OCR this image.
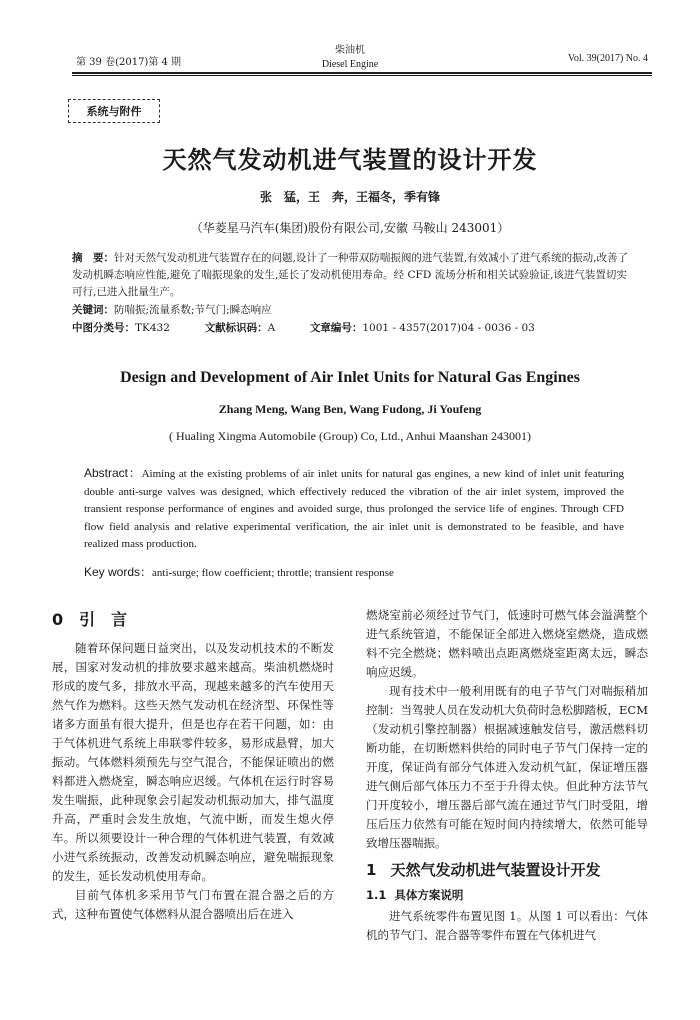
第 39 卷(2017)第 4 期
柴油机
Diesel Engine
Vol. 39(2017) No. 4
系统与附件
天然气发动机进气装置的设计开发
张　猛，王　奔，王福冬，季有锋
（华菱星马汽车(集团)股份有限公司,安徽 马鞍山 243001）
摘　要：针对天然气发动机进气装置存在的问题,设计了一种带双防喘振阀的进气装置,有效减小了进气系统的振动,改善了发动机瞬态响应性能,避免了喘振现象的发生,延长了发动机使用寿命。经 CFD 流场分析和相关试验验证,该进气装置切实可行,已进入批量生产。
关键词：防喘振;流量系数;节气门;瞬态响应
中图分类号：TK432	文献标识码：A	文章编号：1001 - 4357(2017)04 - 0036 - 03
Design and Development of Air Inlet Units for Natural Gas Engines
Zhang Meng, Wang Ben, Wang Fudong, Ji Youfeng
( Hualing Xingma Automobile (Group) Co, Ltd., Anhui Maanshan 243001)
Abstract：Aiming at the existing problems of air inlet units for natural gas engines, a new kind of inlet unit featuring double anti-surge valves was designed, which effectively reduced the vibration of the air inlet system, improved the transient response performance of engines and avoided surge, thus prolonged the service life of engines. Through CFD flow field analysis and relative experimental verification, the air inlet unit is demonstrated to be feasible, and have realized mass production.
Key words：anti-surge; flow coefficient; throttle; transient response
0 引　言

随着环保问题日益突出，以及发动机技术的不断发展，国家对发动机的排放要求越来越高。柴油机燃烧时形成的废气多，排放水平高，现越来越多的汽车使用天然气作为燃料。这些天然气发动机在经济型、环保性等诸多方面虽有很大提升，但是也存在若干问题，如：由于气体机进气系统上串联零件较多，易形成悬臂，加大振动。气体燃料须预先与空气混合，不能保证喷出的燃料都进入燃烧室，瞬态响应迟缓。气体机在运行时容易发生喘振，此种现象会引起发动机振动加大，排气温度升高，严重时会发生放炮，气流中断，而发生熄火停车。所以须要设计一种合理的气体机进气装置，有效减小进气系统振动，改善发动机瞬态响应，避免喘振现象的发生，延长发动机使用寿命。

目前气体机多采用节气门布置在混合器之后的方式，这种布置使气体燃料从混合器喷出后在进入

燃烧室前必须经过节气门，低速时可燃气体会溢满整个进气系统管道，不能保证全部进入燃烧室燃烧，造成燃料不完全燃烧；燃料喷出点距离燃烧室距离太远，瞬态响应迟缓。

现有技术中一般利用既有的电子节气门对喘振稍加控制：当驾驶人员在发动机大负荷时急松脚踏板，ECM（发动机引擎控制器）根据减速触发信号，激活燃料切断功能，在切断燃料供给的同时电子节气门保持一定的开度，保证尚有部分气体进入发动机气缸，保证增压器进气侧后部气体压力不至于升得太快。但此种方法节气门开度较小，增压器后部气流在通过节气门时受阻，增压后压力依然有可能在短时间内持续增大，依然可能导致增压器喘振。

1 天然气发动机进气装置设计开发
1.1 具体方案说明

进气系统零件布置见图 1。从图 1 可以看出：气体机的节气门、混合器等零件布置在气体机进气
